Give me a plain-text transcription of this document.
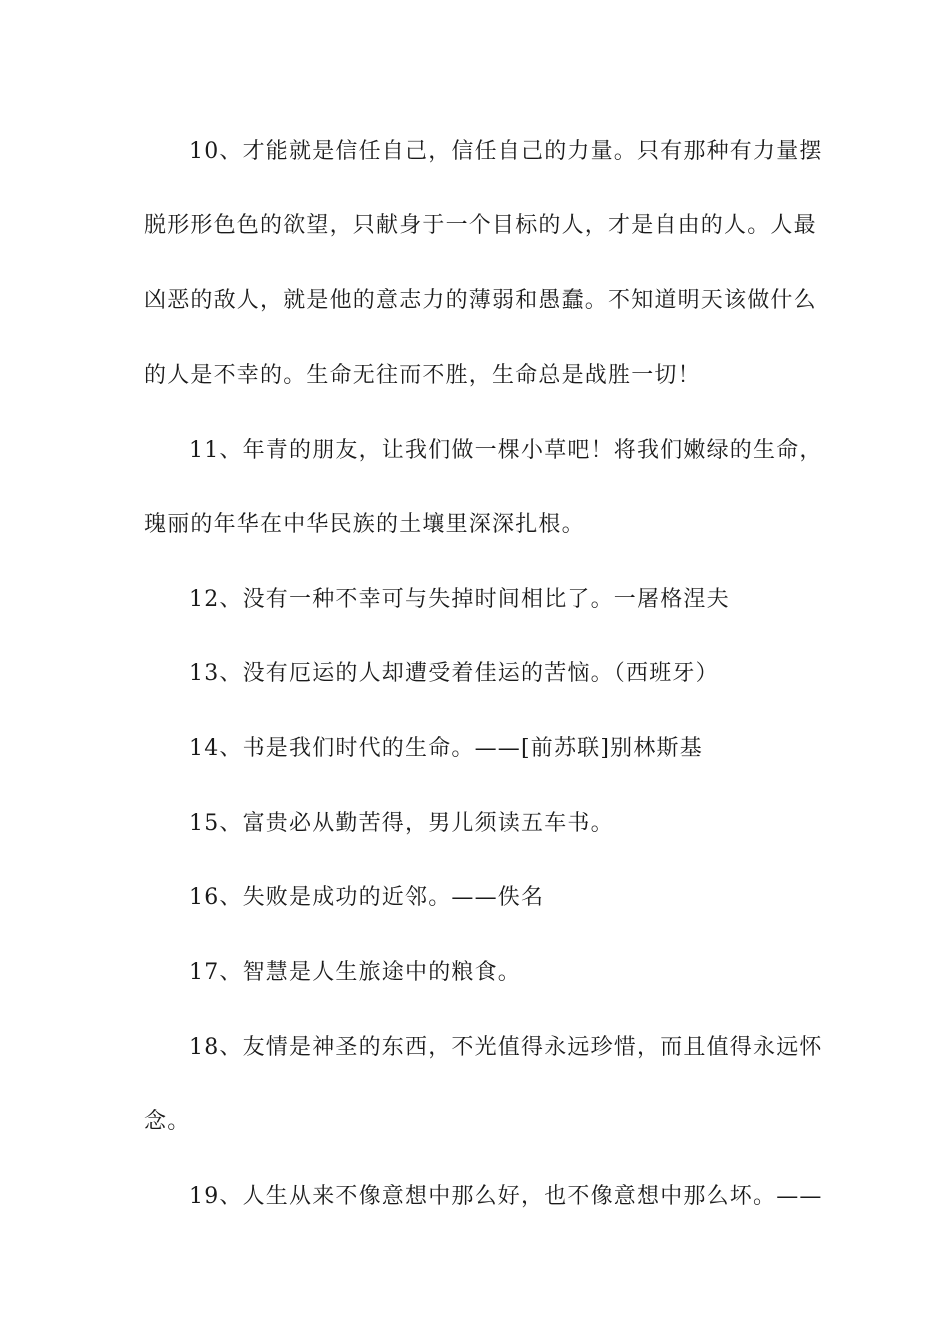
10、才能就是信任自己，信任自己的力量。只有那种有力量摆
脱形形色色的欲望，只献身于一个目标的人，才是自由的人。人最
凶恶的敌人，就是他的意志力的薄弱和愚蠢。不知道明天该做什么
的人是不幸的。生命无往而不胜，生命总是战胜一切！
11、年青的朋友，让我们做一棵小草吧！将我们嫩绿的生命，
瑰丽的年华在中华民族的土壤里深深扎根。
12、没有一种不幸可与失掉时间相比了。一屠格涅夫
13、没有厄运的人却遭受着佳运的苦恼。（西班牙）
14、书是我们时代的生命。——[前苏联]别林斯基
15、富贵必从勤苦得，男儿须读五车书。
16、失败是成功的近邻。——佚名
17、智慧是人生旅途中的粮食。
18、友情是神圣的东西，不光值得永远珍惜，而且值得永远怀
念。
19、人生从来不像意想中那么好，也不像意想中那么坏。——
